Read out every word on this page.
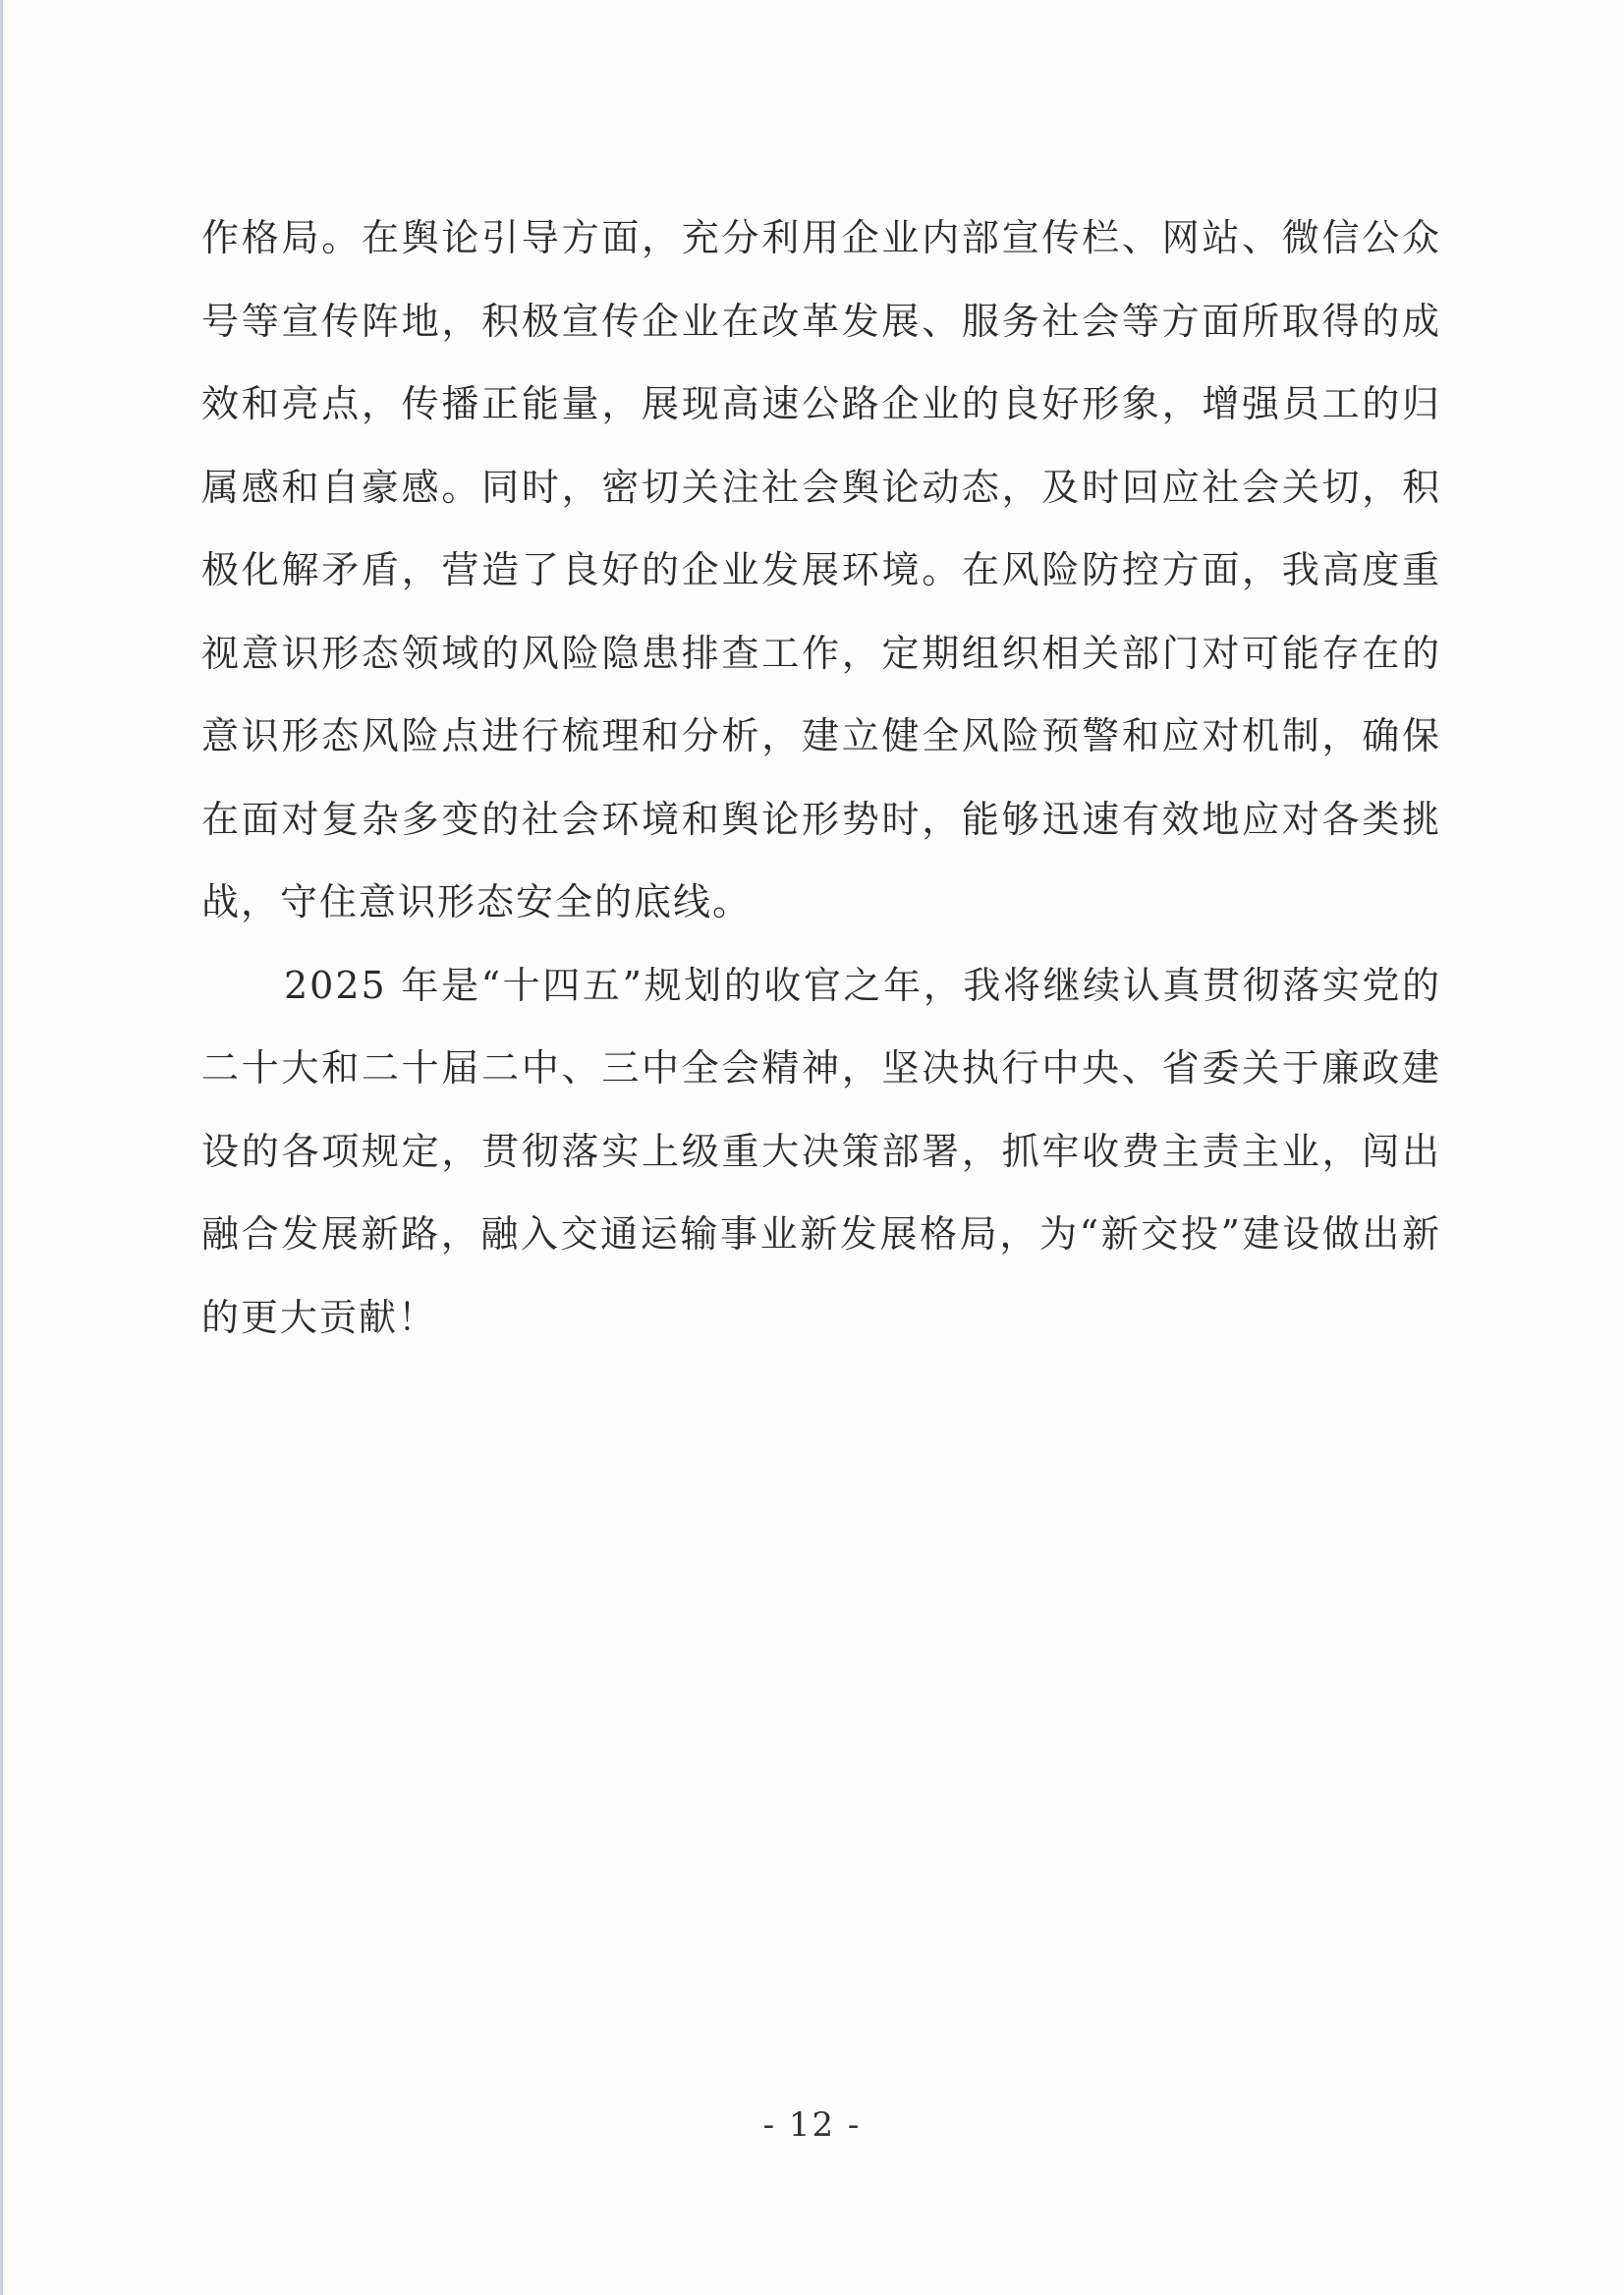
作格局。在舆论引导方面，充分利用企业内部宣传栏、网站、微信公众号等宣传阵地，积极宣传企业在改革发展、服务社会等方面所取得的成效和亮点，传播正能量，展现高速公路企业的良好形象，增强员工的归属感和自豪感。同时，密切关注社会舆论动态，及时回应社会关切，积极化解矛盾，营造了良好的企业发展环境。在风险防控方面，我高度重视意识形态领域的风险隐患排查工作，定期组织相关部门对可能存在的意识形态风险点进行梳理和分析，建立健全风险预警和应对机制，确保在面对复杂多变的社会环境和舆论形势时，能够迅速有效地应对各类挑战，守住意识形态安全的底线。

2025 年是“十四五”规划的收官之年，我将继续认真贯彻落实党的二十大和二十届二中、三中全会精神，坚决执行中央、省委关于廉政建设的各项规定，贯彻落实上级重大决策部署，抓牢收费主责主业，闯出融合发展新路，融入交通运输事业新发展格局，为“新交投”建设做出新的更大贡献！

- 12 -
